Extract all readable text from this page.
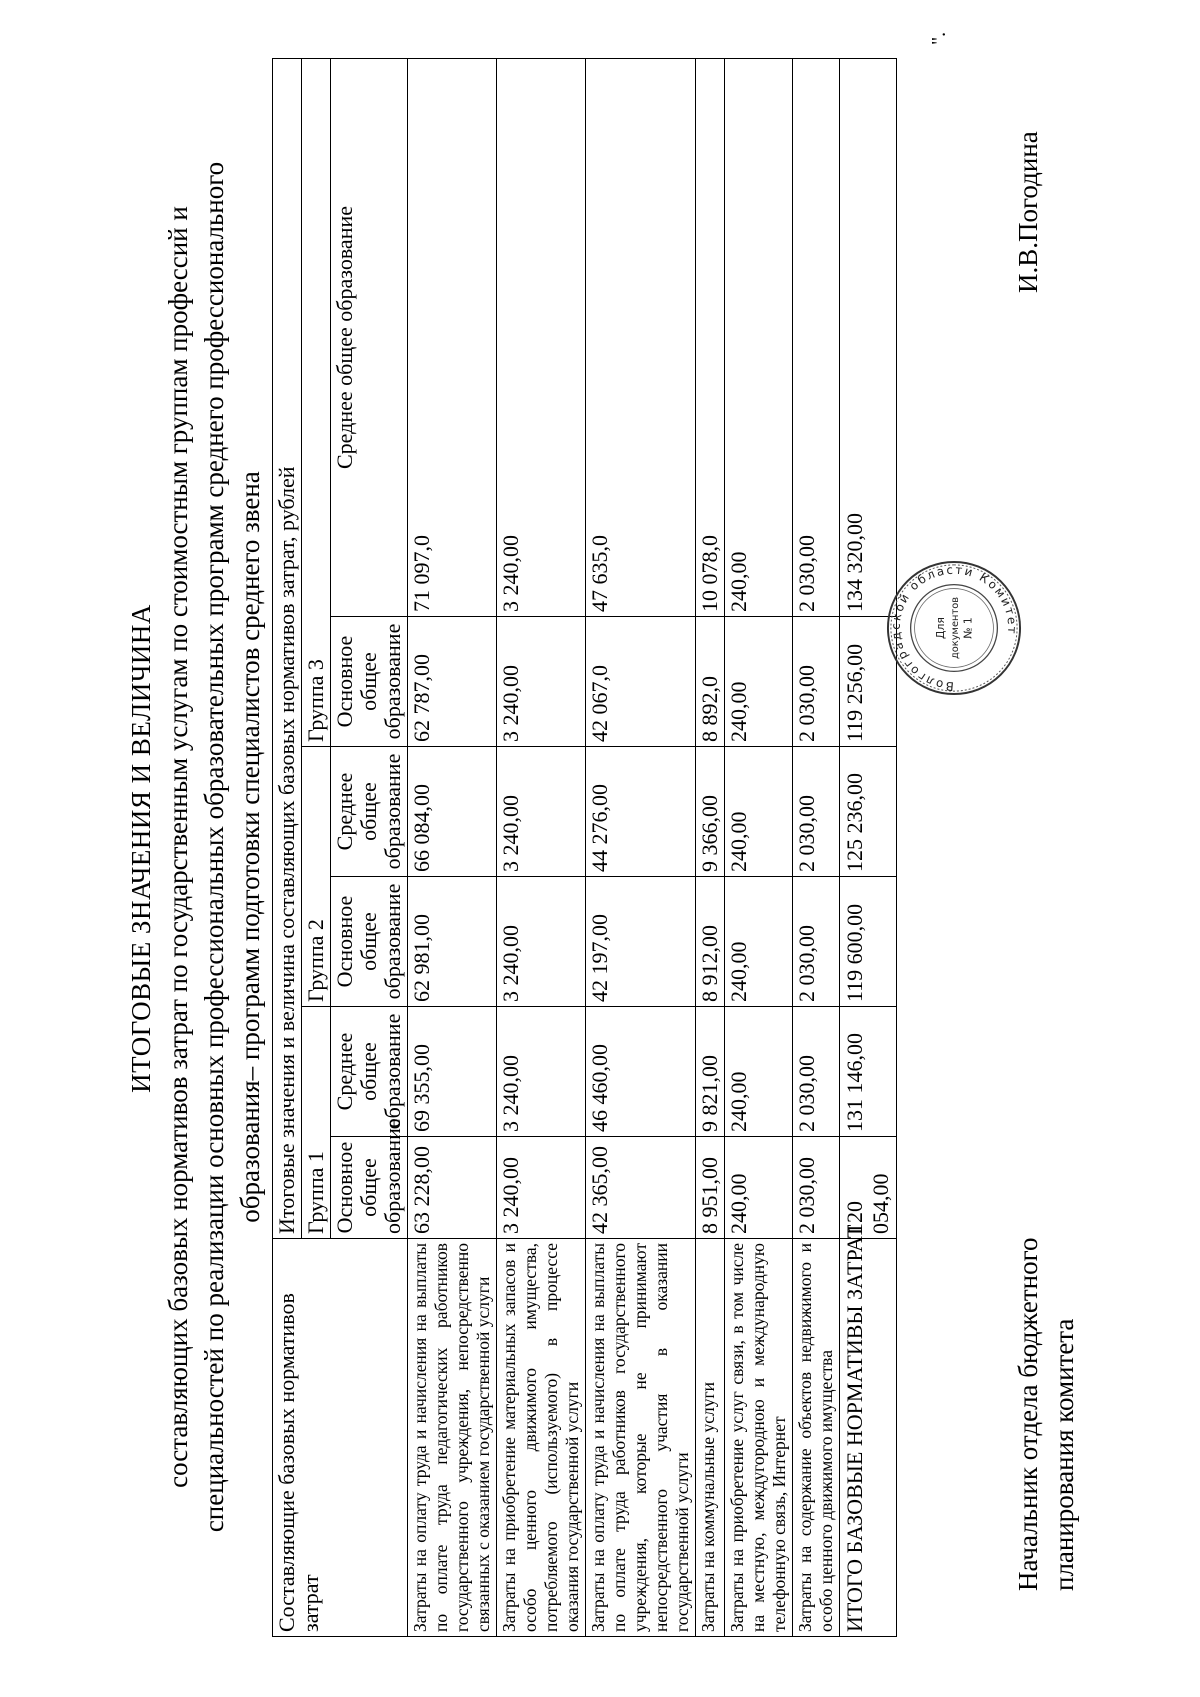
ИТОГОВЫЕ ЗНАЧЕНИЯ И ВЕЛИЧИНА составляющих базовых нормативов затрат по государственным услугам по стоимостным группам профессий и специальностей по реализации основных профессиональных образовательных программ среднего профессионального образования– программ подготовки специалистов среднего звена
Составляющие базовых нормативов затрат	Итоговые значения и величина составляющих базовых нормативов затрат, рублей					
	Группа 1		Группа 2		Группа 3	
	Основное общее образование	Среднее общее образование	Основное общее образование	Среднее общее образование	Основное общее образование	Среднее общее образование
Затраты на оплату труда и начисления на выплаты по оплате труда педагогических работников государственного учреждения, непосредственно связанных с оказанием государственной услуги	63 228,00	69 355,00	62 981,00	66 084,00	62 787,00	71 097,0
Затраты на приобретение материальных запасов и особо ценного движимого имущества, потребляемого (используемого) в процессе оказания государственной услуги	3 240,00	3 240,00	3 240,00	3 240,00	3 240,00	3 240,00
Затраты на оплату труда и начисления на выплаты по оплате труда работников государственного учреждения, которые не принимают непосредственного участия в оказании государственной услуги	42 365,00	46 460,00	42 197,00	44 276,00	42 067,0	47 635,0
Затраты на коммунальные услуги	8 951,00	9 821,00	8 912,00	9 366,00	8 892,0	10 078,0
Затраты на приобретение услуг связи, в том числе на местную, междугородною и международную телефонную связь, Интернет	240,00	240,00	240,00	240,00	240,00	240,00
Затраты на содержание объектов недвижимого и особо ценного движимого имущества	2 030,00	2 030,00	2 030,00	2 030,00	2 030,00	2 030,00
ИТОГО БАЗОВЫЕ НОРМАТИВЫ ЗАТРАТ	120 054,00	131 146,00	119 600,00	125 236,00	119 256,00	134 320,00
Волгоградской области Комитет
Для документов № 1
Начальник отдела бюджетного планирования комитета
И.В.Погодина
".
